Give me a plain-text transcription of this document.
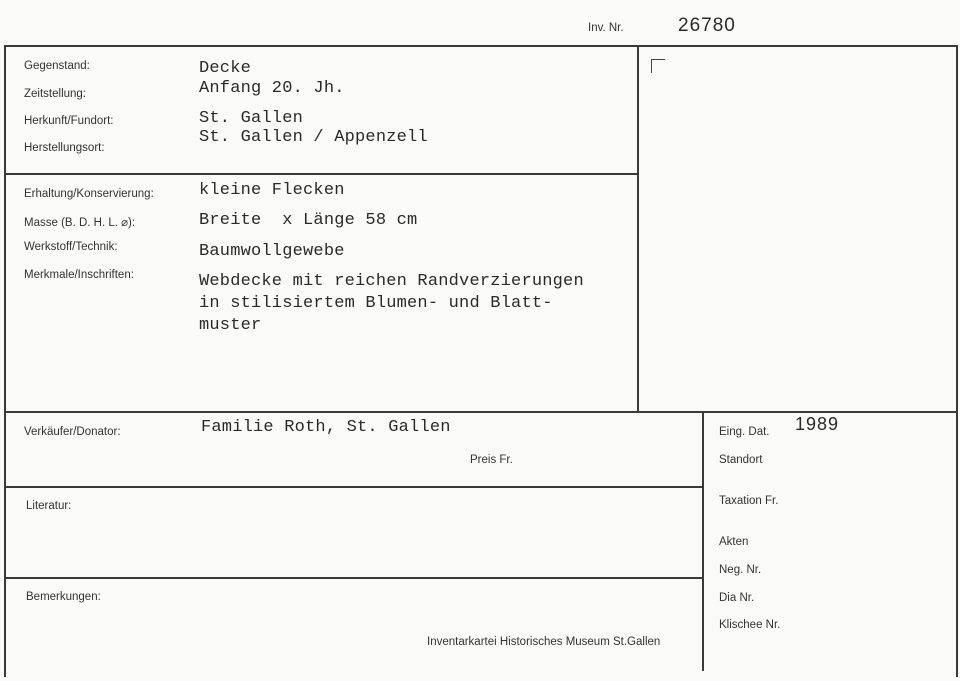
Inv. Nr.	26780
Gegenstand:
Zeitstellung:
Herkunft/Fundort:
Herstellungsort:
Decke
Anfang 20. Jh.
St. Gallen
St. Gallen / Appenzell
Erhaltung/Konservierung:
Masse (B. D. H. L. ⌀):
Werkstoff/Technik:
Merkmale/Inschriften:
kleine Flecken
Breite  x Länge 58 cm
Baumwollgewebe
Webdecke mit reichen Randverzierungen
in stilisiertem Blumen- und Blatt-
muster
Verkäufer/Donator:	Familie Roth, St. Gallen
Preis Fr.
Literatur:
Bemerkungen:
Inventarkartei Historisches Museum St.Gallen
Eing. Dat. 1989
Standort
Taxation Fr.
Akten
Neg. Nr.
Dia Nr.
Klischee Nr.
